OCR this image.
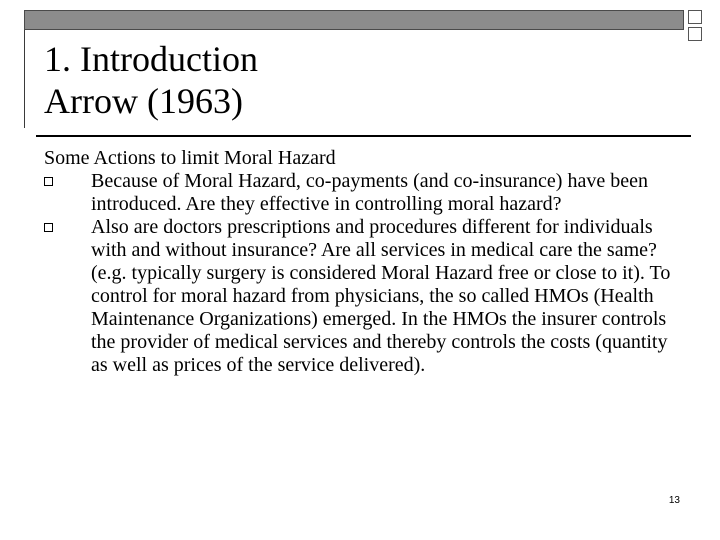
1. Introduction
Arrow (1963)

Some Actions to limit Moral Hazard

Because of Moral Hazard, co-payments (and co-insurance) have been introduced. Are they effective in controlling moral hazard?
Also are doctors prescriptions and procedures different for individuals with and without insurance? Are all services in medical care the same? (e.g. typically surgery is considered Moral Hazard free or close to it). To control for moral hazard from physicians, the so called HMOs (Health Maintenance Organizations) emerged. In the HMOs the insurer controls the provider of medical services and thereby controls the costs (quantity as well as prices of the service delivered).
13
